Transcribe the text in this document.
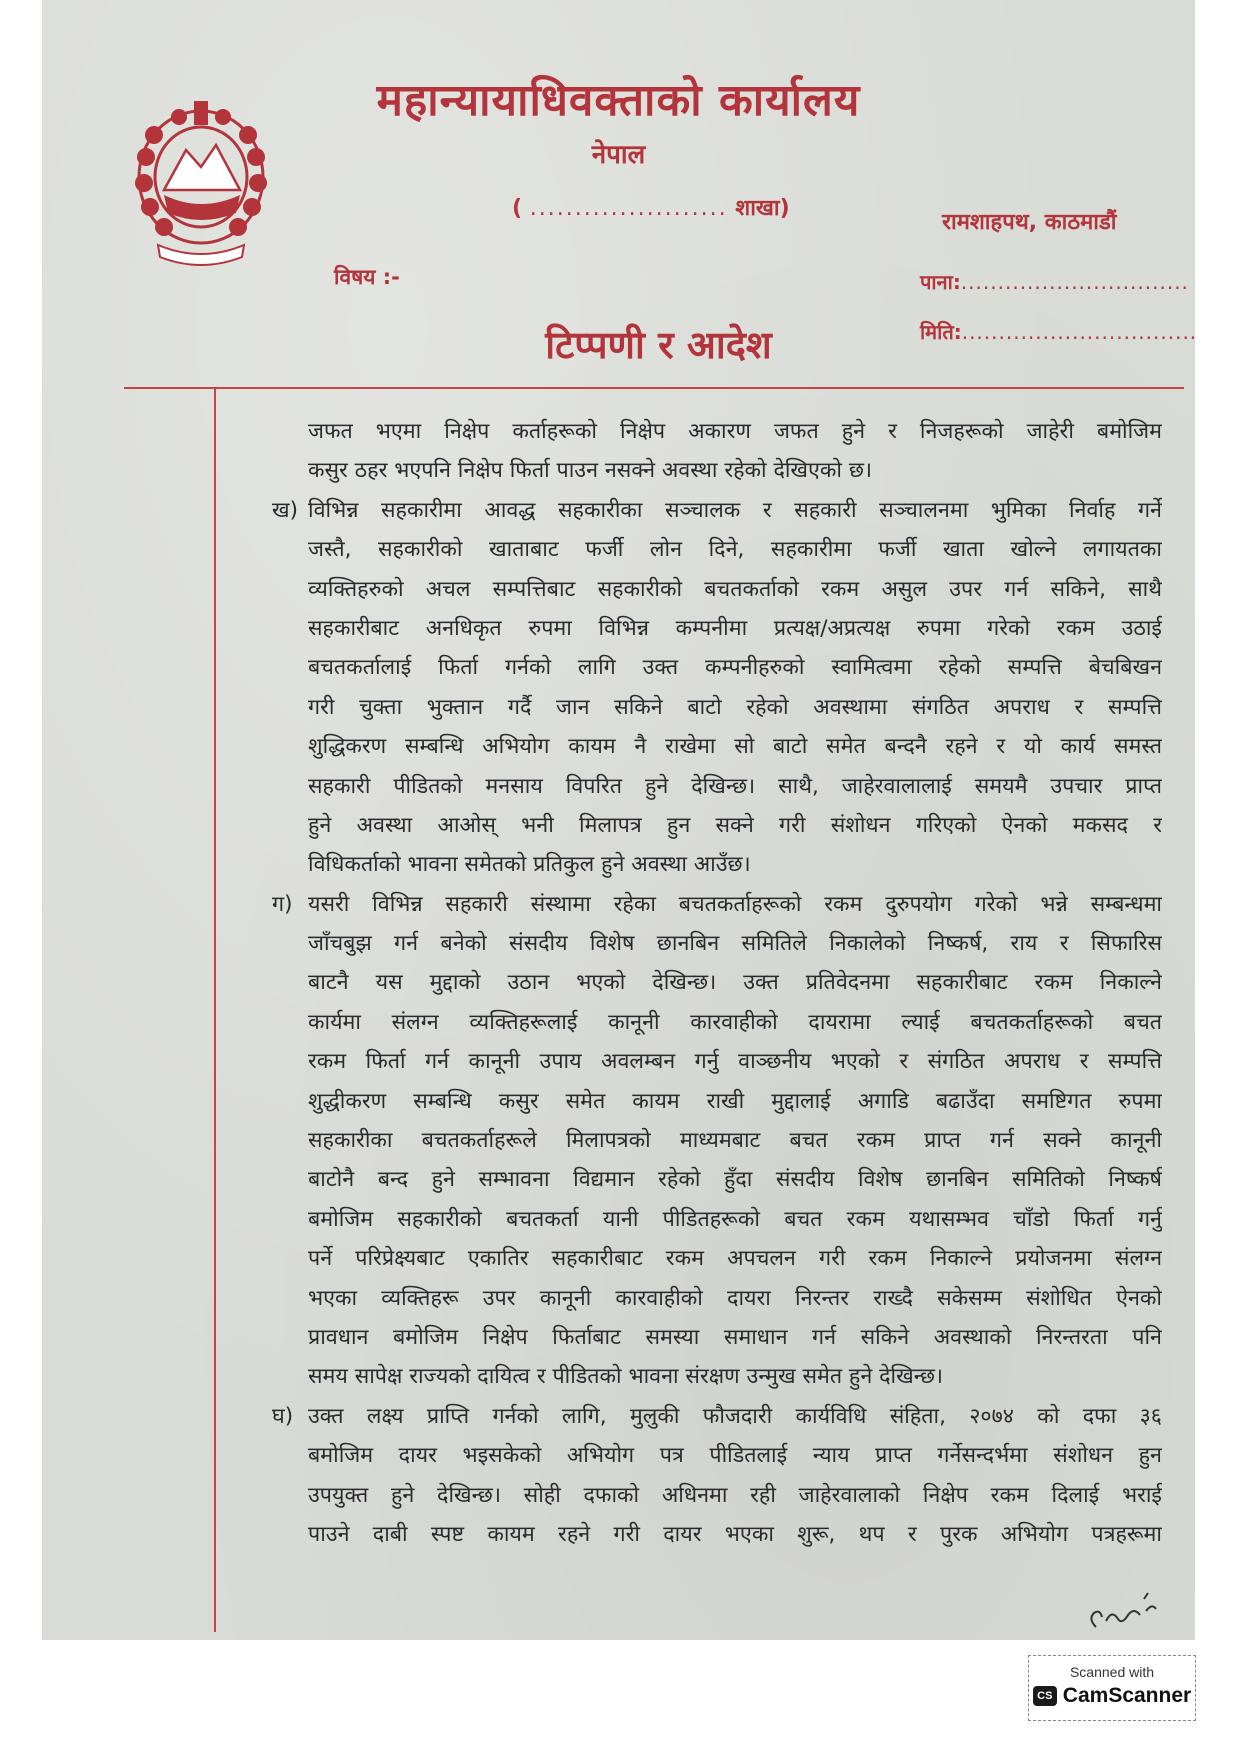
महान्यायाधिवक्ताको कार्यालय
नेपाल
( ...................... शाखा)
रामशाहपथ, काठमाडौं
विषय :-	पाना:...............................
मिति:................................
टिप्पणी र आदेश
जफत भएमा निक्षेप कर्ताहरूको निक्षेप अकारण जफत हुने र निजहरूको जाहेरी बमोजिम
कसुर ठहर भएपनि निक्षेप फिर्ता पाउन नसक्ने अवस्था रहेको देखिएको छ।
ख) विभिन्न सहकारीमा आवद्ध सहकारीका सञ्चालक र सहकारी सञ्चालनमा भुमिका निर्वाह गर्ने
जस्तै, सहकारीको खाताबाट फर्जी लोन दिने, सहकारीमा फर्जी खाता खोल्ने लगायतका
व्यक्तिहरुको अचल सम्पत्तिबाट सहकारीको बचतकर्ताको रकम असुल उपर गर्न सकिने, साथै
सहकारीबाट अनधिकृत रुपमा विभिन्न कम्पनीमा प्रत्यक्ष/अप्रत्यक्ष रुपमा गरेको रकम उठाई
बचतकर्तालाई फिर्ता गर्नको लागि उक्त कम्पनीहरुको स्वामित्वमा रहेको सम्पत्ति बेचबिखन
गरी चुक्ता भुक्तान गर्दै जान सकिने बाटो रहेको अवस्थामा संगठित अपराध र सम्पत्ति
शुद्धिकरण सम्बन्धि अभियोग कायम नै राखेमा सो बाटो समेत बन्दनै रहने र यो कार्य समस्त
सहकारी पीडितको मनसाय विपरित हुने देखिन्छ। साथै, जाहेरवालालाई समयमै उपचार प्राप्त
हुने अवस्था आओस् भनी मिलापत्र हुन सक्ने गरी संशोधन गरिएको ऐनको मकसद र
विधिकर्ताको भावना समेतको प्रतिकुल हुने अवस्था आउँछ।
ग) यसरी विभिन्न सहकारी संस्थामा रहेका बचतकर्ताहरूको रकम दुरुपयोग गरेको भन्ने सम्बन्धमा
जाँचबुझ गर्न बनेको संसदीय विशेष छानबिन समितिले निकालेको निष्कर्ष, राय र सिफारिस
बाटनै यस मुद्दाको उठान भएको देखिन्छ। उक्त प्रतिवेदनमा सहकारीबाट रकम निकाल्ने
कार्यमा संलग्न व्यक्तिहरूलाई कानूनी कारवाहीको दायरामा ल्याई बचतकर्ताहरूको बचत
रकम फिर्ता गर्न कानूनी उपाय अवलम्बन गर्नु वाञ्छनीय भएको र संगठित अपराध र सम्पत्ति
शुद्धीकरण सम्बन्धि कसुर समेत कायम राखी मुद्दालाई अगाडि बढाउँदा समष्टिगत रुपमा
सहकारीका बचतकर्ताहरूले मिलापत्रको माध्यमबाट बचत रकम प्राप्त गर्न सक्ने कानूनी
बाटोनै बन्द हुने सम्भावना विद्यमान रहेको हुँदा संसदीय विशेष छानबिन समितिको निष्कर्ष
बमोजिम सहकारीको बचतकर्ता यानी पीडितहरूको बचत रकम यथासम्भव चाँडो फिर्ता गर्नु
पर्ने परिप्रेक्ष्यबाट एकातिर सहकारीबाट रकम अपचलन गरी रकम निकाल्ने प्रयोजनमा संलग्न
भएका व्यक्तिहरू उपर कानूनी कारवाहीको दायरा निरन्तर राख्दै सकेसम्म संशोधित ऐनको
प्रावधान बमोजिम निक्षेप फिर्ताबाट समस्या समाधान गर्न सकिने अवस्थाको निरन्तरता पनि
समय सापेक्ष राज्यको दायित्व र पीडितको भावना संरक्षण उन्मुख समेत हुने देखिन्छ।
घ) उक्त लक्ष्य प्राप्ति गर्नको लागि, मुलुकी फौजदारी कार्यविधि संहिता, २०७४ को दफा ३६
बमोजिम दायर भइसकेको अभियोग पत्र पीडितलाई न्याय प्राप्त गर्नेसन्दर्भमा संशोधन हुन
उपयुक्त हुने देखिन्छ। सोही दफाको अधिनमा रही जाहेरवालाको निक्षेप रकम दिलाई भराई
पाउने दाबी स्पष्ट कायम रहने गरी दायर भएका शुरू, थप र पुरक अभियोग पत्रहरूमा
Scanned with
CS CamScanner
